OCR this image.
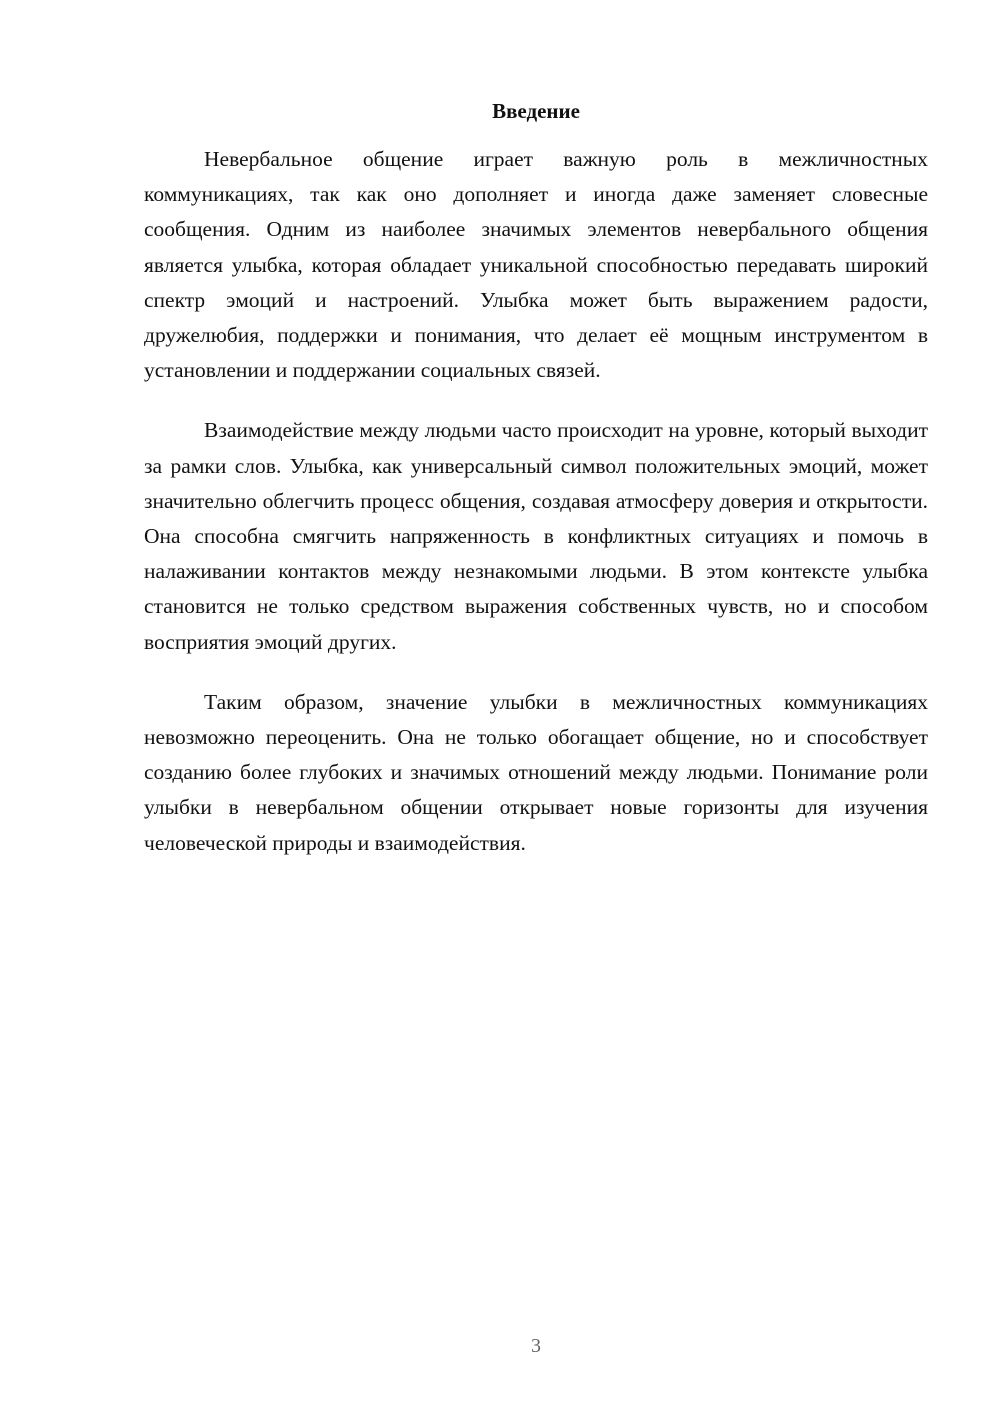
Введение

Невербальное общение играет важную роль в межличностных коммуникациях, так как оно дополняет и иногда даже заменяет словесные сообщения. Одним из наиболее значимых элементов невербального общения является улыбка, которая обладает уникальной способностью передавать широкий спектр эмоций и настроений. Улыбка может быть выражением радости, дружелюбия, поддержки и понимания, что делает её мощным инструментом в установлении и поддержании социальных связей.

Взаимодействие между людьми часто происходит на уровне, который выходит за рамки слов. Улыбка, как универсальный символ положительных эмоций, может значительно облегчить процесс общения, создавая атмосферу доверия и открытости. Она способна смягчить напряженность в конфликтных ситуациях и помочь в налаживании контактов между незнакомыми людьми. В этом контексте улыбка становится не только средством выражения собственных чувств, но и способом восприятия эмоций других.

Таким образом, значение улыбки в межличностных коммуникациях невозможно переоценить. Она не только обогащает общение, но и способствует созданию более глубоких и значимых отношений между людьми. Понимание роли улыбки в невербальном общении открывает новые горизонты для изучения человеческой природы и взаимодействия.

3
